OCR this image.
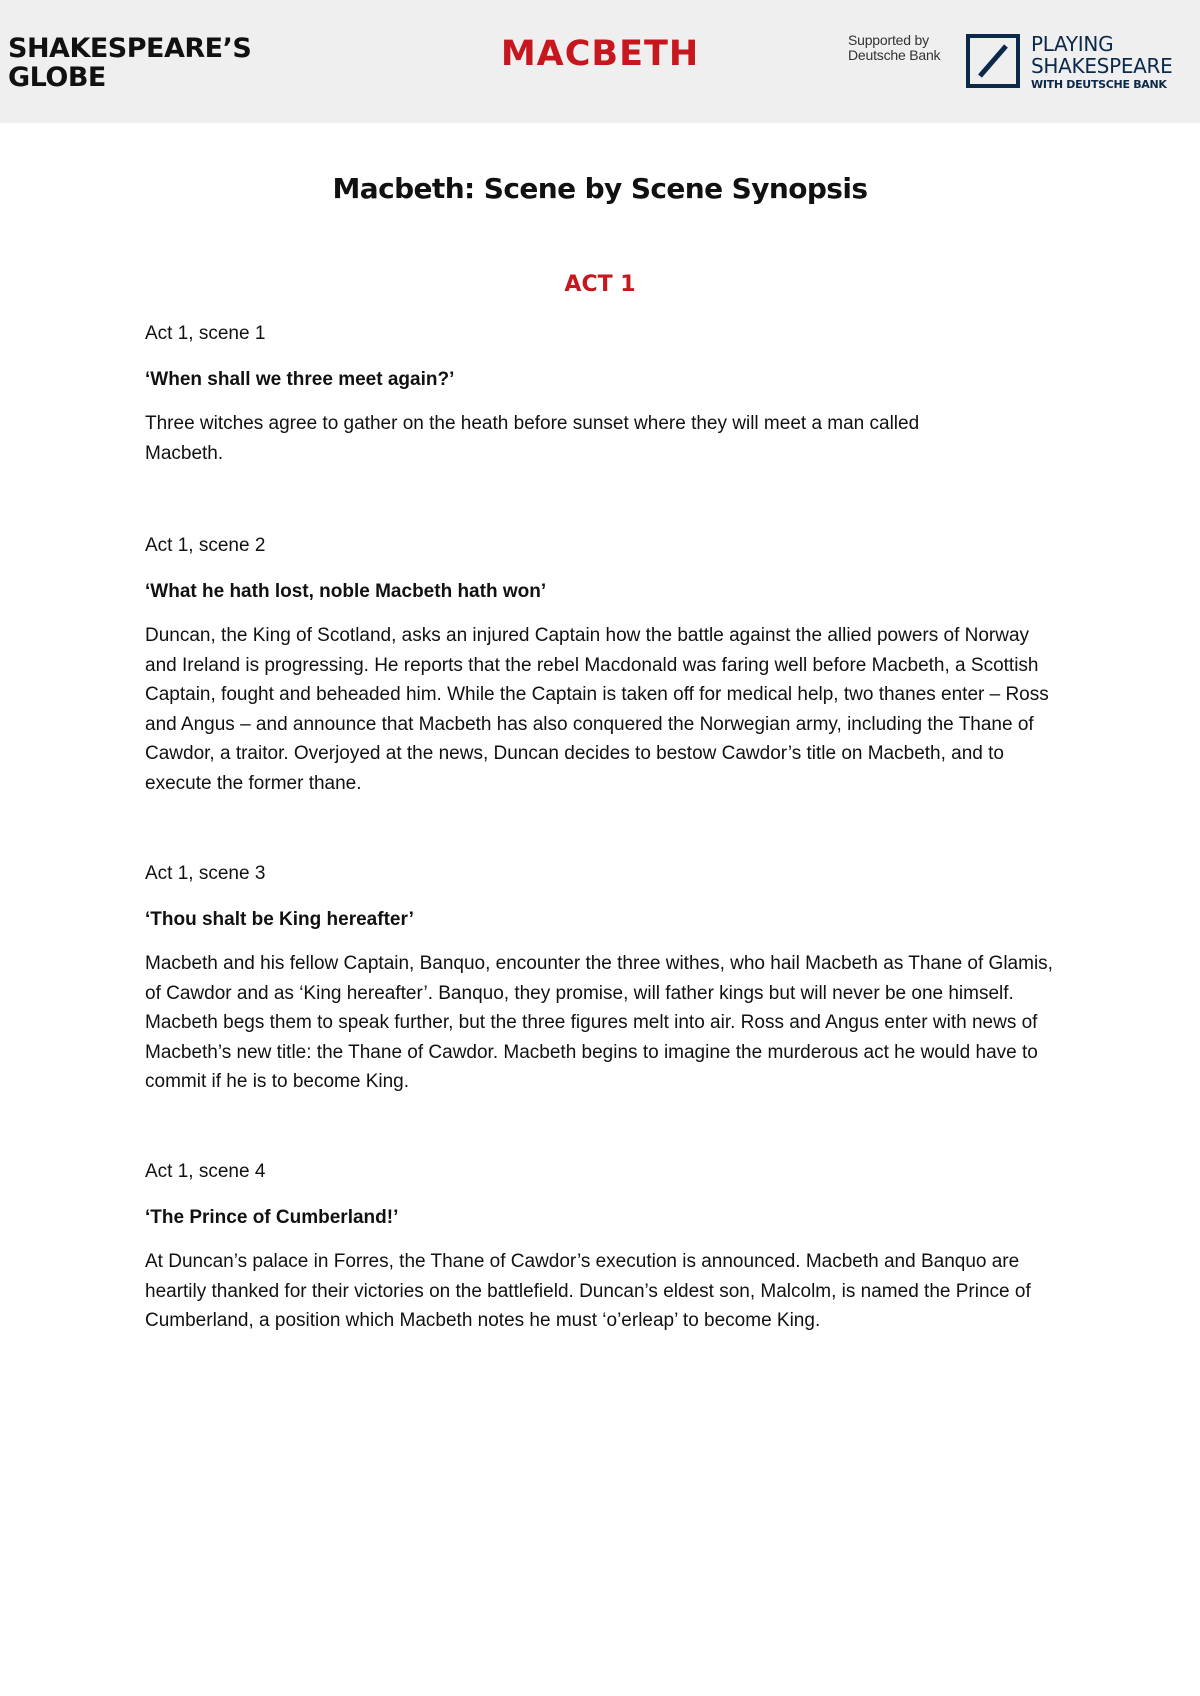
SHAKESPEARE’S
GLOBE
MACBETH	Supported by
Deutsche Bank	PLAYING
SHAKESPEARE
WITH DEUTSCHE BANK
Macbeth: Scene by Scene Synopsis
ACT 1

Act 1, scene 1

‘When shall we three meet again?’

Three witches agree to gather on the heath before sunset where they will meet a man called Macbeth.

Act 1, scene 2

‘What he hath lost, noble Macbeth hath won’

Duncan, the King of Scotland, asks an injured Captain how the battle against the allied powers of Norway and Ireland is progressing. He reports that the rebel Macdonald was faring well before Macbeth, a Scottish Captain, fought and beheaded him. While the Captain is taken off for medical help, two thanes enter – Ross and Angus – and announce that Macbeth has also conquered the Norwegian army, including the Thane of Cawdor, a traitor. Overjoyed at the news, Duncan decides to bestow Cawdor’s title on Macbeth, and to execute the former thane.

Act 1, scene 3

‘Thou shalt be King hereafter’

Macbeth and his fellow Captain, Banquo, encounter the three withes, who hail Macbeth as Thane of Glamis, of Cawdor and as ‘King hereafter’. Banquo, they promise, will father kings but will never be one himself. Macbeth begs them to speak further, but the three figures melt into air. Ross and Angus enter with news of Macbeth’s new title: the Thane of Cawdor. Macbeth begins to imagine the murderous act he would have to commit if he is to become King.

Act 1, scene 4

‘The Prince of Cumberland!’

At Duncan’s palace in Forres, the Thane of Cawdor’s execution is announced. Macbeth and Banquo are heartily thanked for their victories on the battlefield. Duncan’s eldest son, Malcolm, is named the Prince of Cumberland, a position which Macbeth notes he must ‘o’erleap’ to become King.
